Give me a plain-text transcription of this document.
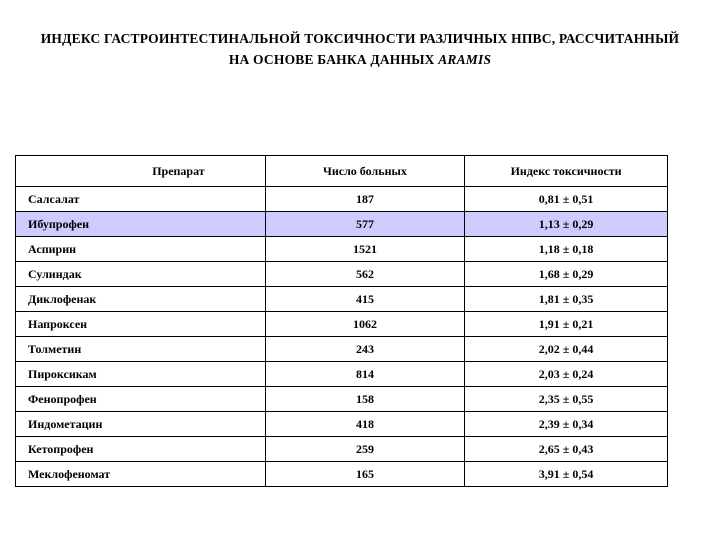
ИНДЕКС ГАСТРОИНТЕСТИНАЛЬНОЙ ТОКСИЧНОСТИ РАЗЛИЧНЫХ НПВС, РАССЧИТАННЫЙ
НА ОСНОВЕ БАНКА ДАННЫХ ARAMIS
Препарат	Число больных	Индекс токсичности
Салсалат	187	0,81 ± 0,51
Ибупрофен	577	1,13 ± 0,29
Аспирин	1521	1,18 ± 0,18
Сулиндак	562	1,68 ± 0,29
Диклофенак	415	1,81 ± 0,35
Напроксен	1062	1,91 ± 0,21
Толметин	243	2,02 ± 0,44
Пироксикам	814	2,03 ± 0,24
Фенопрофен	158	2,35 ± 0,55
Индометацин	418	2,39 ± 0,34
Кетопрофен	259	2,65 ± 0,43
Меклофеномат	165	3,91 ± 0,54
